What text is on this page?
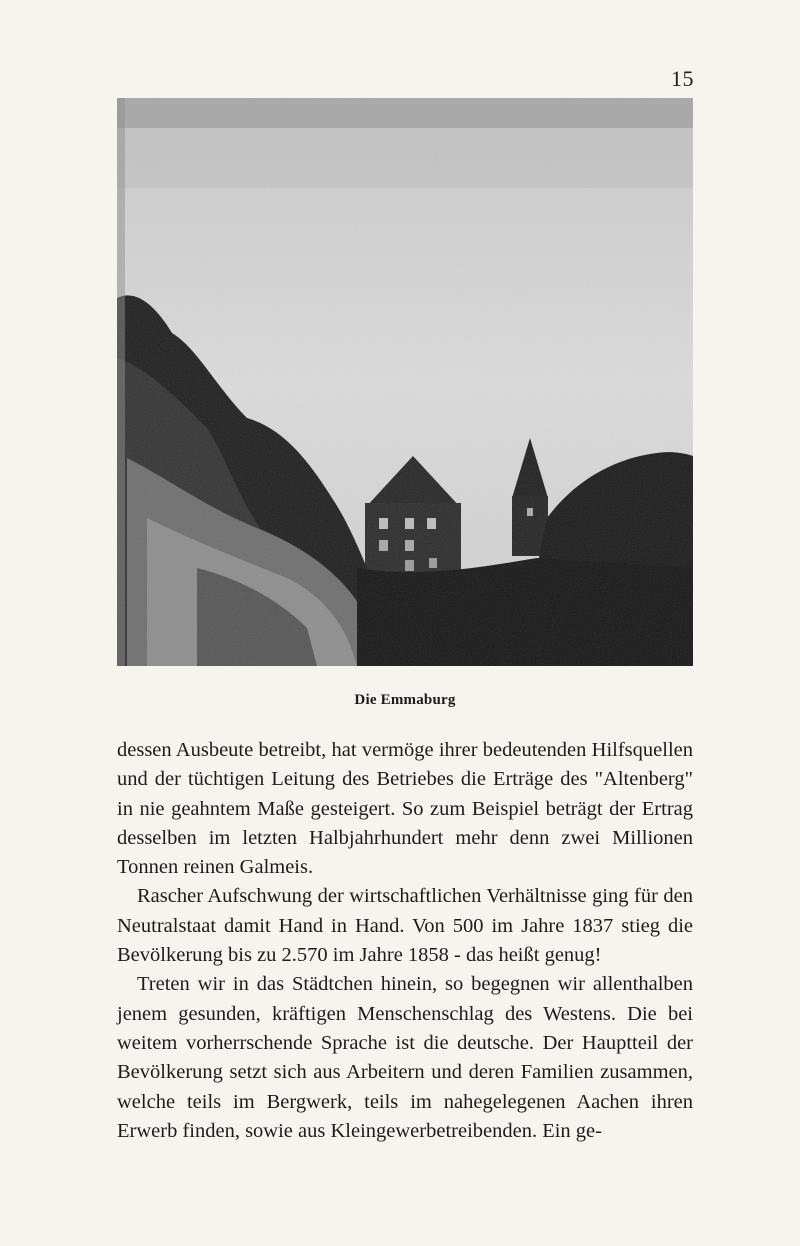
15
Die Emmaburg

dessen Ausbeute betreibt, hat vermöge ihrer bedeutenden Hilfsquellen und der tüchtigen Leitung des Betriebes die Erträge des "Altenberg" in nie geahntem Maße gesteigert. So zum Beispiel beträgt der Ertrag desselben im letzten Halbjahrhundert mehr denn zwei Millionen Tonnen reinen Galmeis.

Rascher Aufschwung der wirtschaftlichen Verhältnisse ging für den Neutralstaat damit Hand in Hand. Von 500 im Jahre 1837 stieg die Bevölkerung bis zu 2.570 im Jahre 1858 - das heißt genug!

Treten wir in das Städtchen hinein, so begegnen wir allenthalben jenem gesunden, kräftigen Menschenschlag des Westens. Die bei weitem vorherrschende Sprache ist die deutsche. Der Hauptteil der Bevölkerung setzt sich aus Arbeitern und deren Familien zusammen, welche teils im Bergwerk, teils im nahegelegenen Aachen ihren Erwerb finden, sowie aus Kleingewerbetreibenden. Ein ge-
